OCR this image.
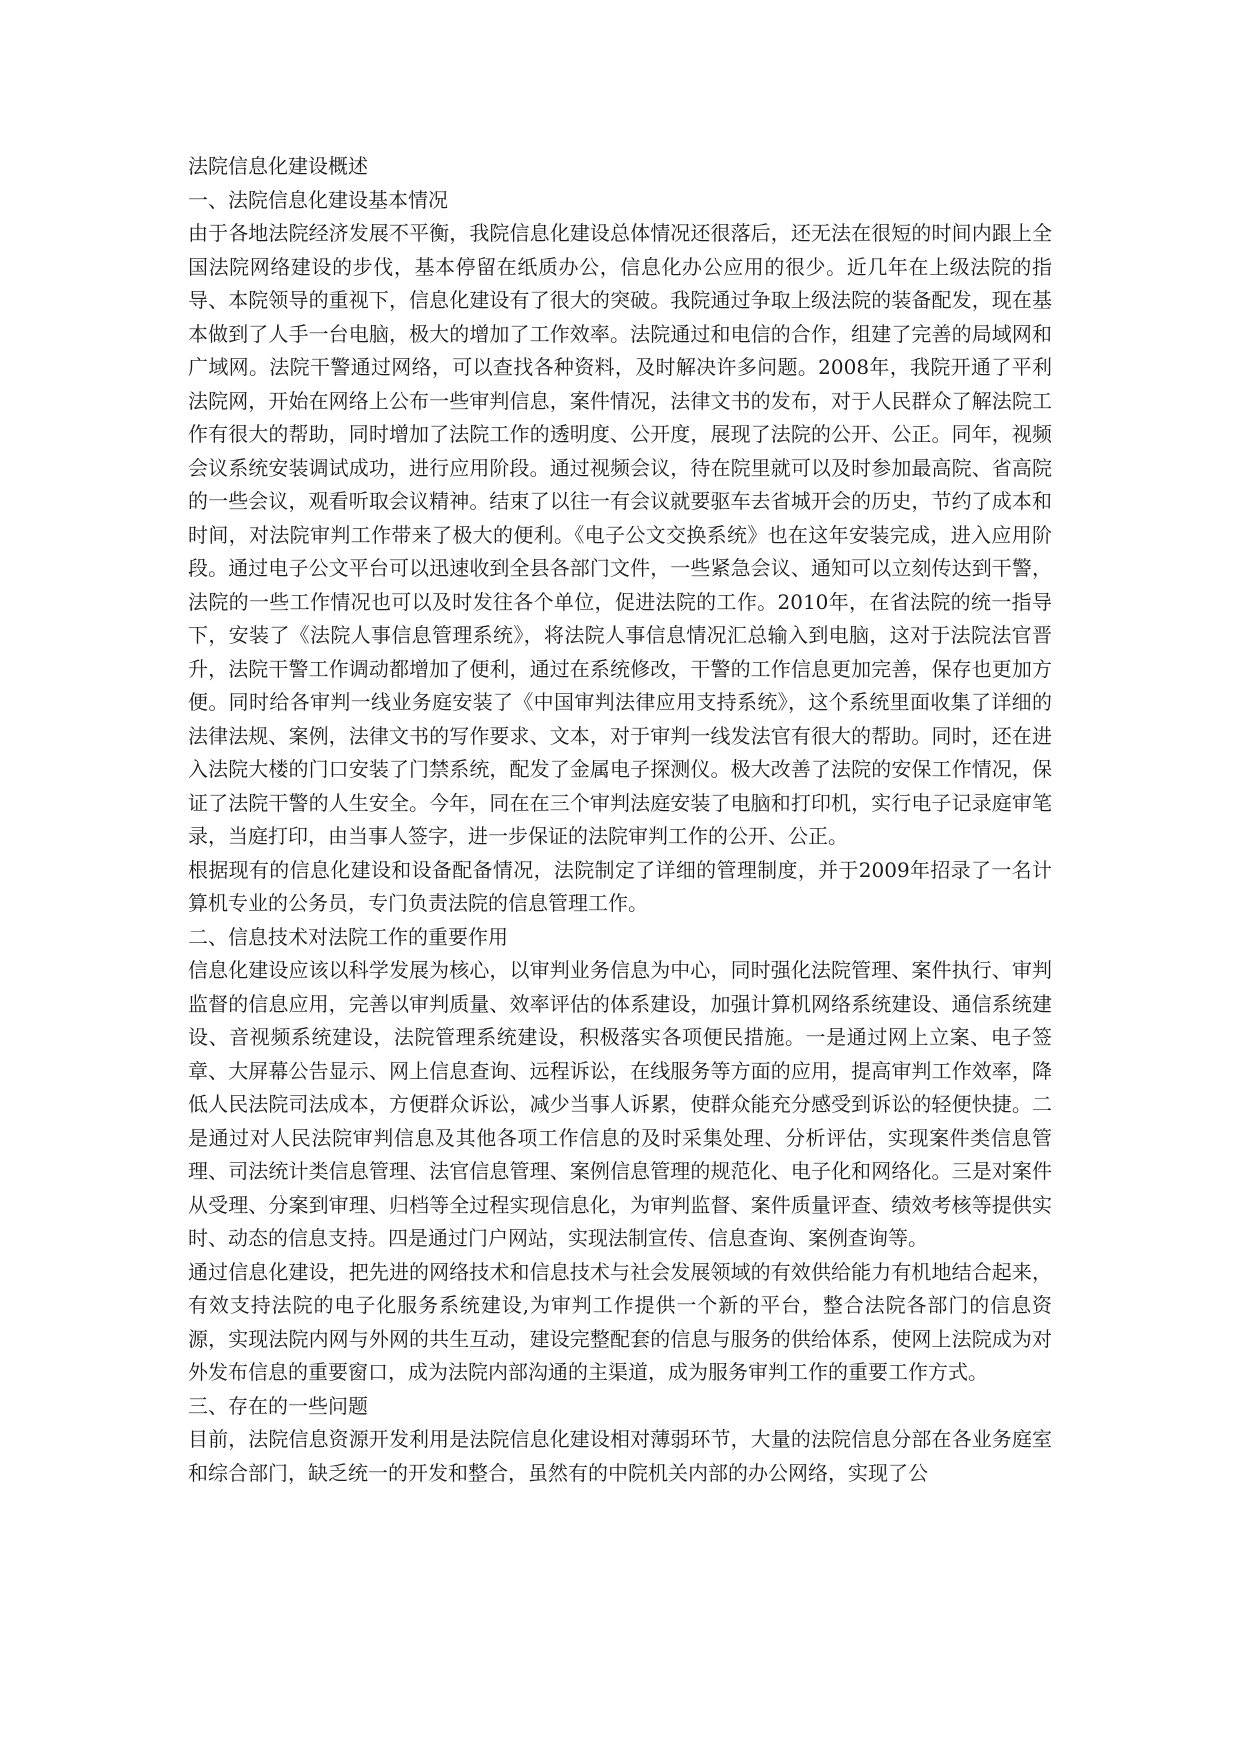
法院信息化建设概述

一、法院信息化建设基本情况

由于各地法院经济发展不平衡，我院信息化建设总体情况还很落后，还无法在很短的时间内跟上全国法院网络建设的步伐，基本停留在纸质办公，信息化办公应用的很少。近几年在上级法院的指导、本院领导的重视下，信息化建设有了很大的突破。我院通过争取上级法院的装备配发，现在基本做到了人手一台电脑，极大的增加了工作效率。法院通过和电信的合作，组建了完善的局域网和广域网。法院干警通过网络，可以查找各种资料，及时解决许多问题。2008年，我院开通了平利法院网，开始在网络上公布一些审判信息，案件情况，法律文书的发布，对于人民群众了解法院工作有很大的帮助，同时增加了法院工作的透明度、公开度，展现了法院的公开、公正。同年，视频会议系统安装调试成功，进行应用阶段。通过视频会议，待在院里就可以及时参加最高院、省高院的一些会议，观看听取会议精神。结束了以往一有会议就要驱车去省城开会的历史，节约了成本和时间，对法院审判工作带来了极大的便利。《电子公文交换系统》也在这年安装完成，进入应用阶段。通过电子公文平台可以迅速收到全县各部门文件，一些紧急会议、通知可以立刻传达到干警，法院的一些工作情况也可以及时发往各个单位，促进法院的工作。2010年，在省法院的统一指导下，安装了《法院人事信息管理系统》，将法院人事信息情况汇总输入到电脑，这对于法院法官晋升，法院干警工作调动都增加了便利，通过在系统修改，干警的工作信息更加完善，保存也更加方便。同时给各审判一线业务庭安装了《中国审判法律应用支持系统》，这个系统里面收集了详细的法律法规、案例，法律文书的写作要求、文本，对于审判一线发法官有很大的帮助。同时，还在进入法院大楼的门口安装了门禁系统，配发了金属电子探测仪。极大改善了法院的安保工作情况，保证了法院干警的人生安全。今年，同在在三个审判法庭安装了电脑和打印机，实行电子记录庭审笔录，当庭打印，由当事人签字，进一步保证的法院审判工作的公开、公正。

根据现有的信息化建设和设备配备情况，法院制定了详细的管理制度，并于2009年招录了一名计算机专业的公务员，专门负责法院的信息管理工作。

二、信息技术对法院工作的重要作用

信息化建设应该以科学发展为核心，以审判业务信息为中心，同时强化法院管理、案件执行、审判监督的信息应用，完善以审判质量、效率评估的体系建设，加强计算机网络系统建设、通信系统建设、音视频系统建设，法院管理系统建设，积极落实各项便民措施。一是通过网上立案、电子签章、大屏幕公告显示、网上信息查询、远程诉讼，在线服务等方面的应用，提高审判工作效率，降低人民法院司法成本，方便群众诉讼，减少当事人诉累，使群众能充分感受到诉讼的轻便快捷。二是通过对人民法院审判信息及其他各项工作信息的及时采集处理、分析评估，实现案件类信息管理、司法统计类信息管理、法官信息管理、案例信息管理的规范化、电子化和网络化。三是对案件从受理、分案到审理、归档等全过程实现信息化，为审判监督、案件质量评查、绩效考核等提供实时、动态的信息支持。四是通过门户网站，实现法制宣传、信息查询、案例查询等。

通过信息化建设，把先进的网络技术和信息技术与社会发展领域的有效供给能力有机地结合起来，有效支持法院的电子化服务系统建设,为审判工作提供一个新的平台，整合法院各部门的信息资源，实现法院内网与外网的共生互动，建设完整配套的信息与服务的供给体系，使网上法院成为对外发布信息的重要窗口，成为法院内部沟通的主渠道，成为服务审判工作的重要工作方式。

三、存在的一些问题

目前，法院信息资源开发利用是法院信息化建设相对薄弱环节，大量的法院信息分部在各业务庭室和综合部门，缺乏统一的开发和整合，虽然有的中院机关内部的办公网络，实现了公
